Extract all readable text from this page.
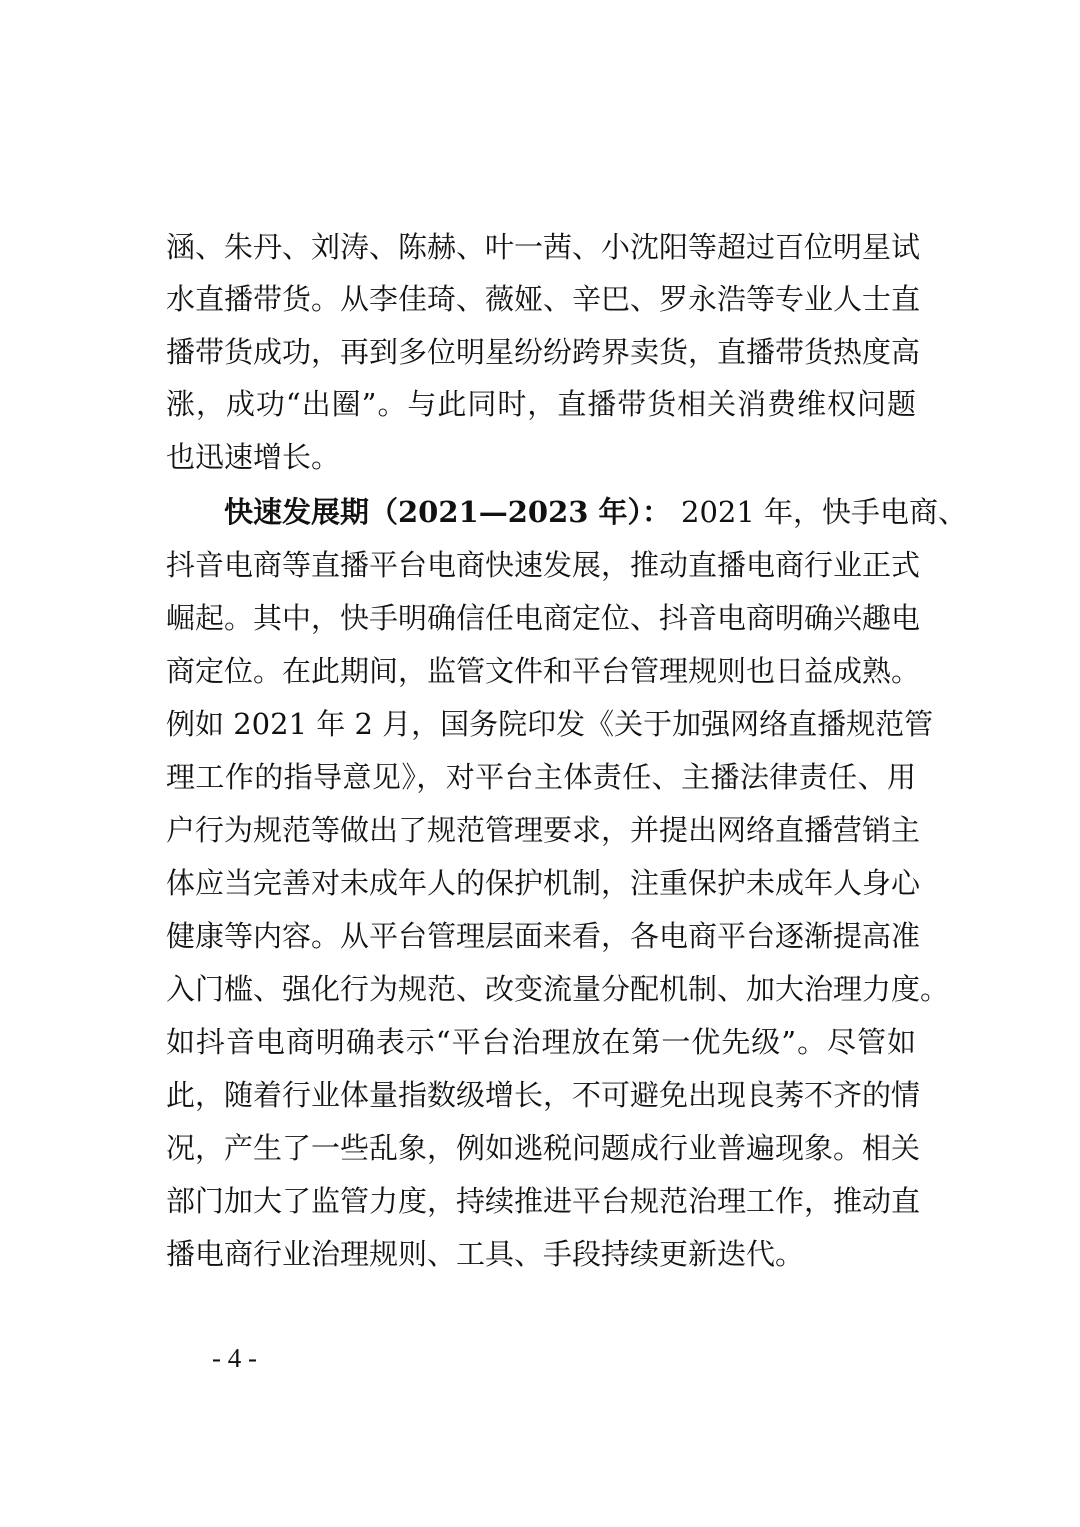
涵、朱丹、刘涛、陈赫、叶一茜、小沈阳等超过百位明星试
水直播带货。从李佳琦、薇娅、辛巴、罗永浩等专业人士直
播带货成功，再到多位明星纷纷跨界卖货，直播带货热度高
涨，成功“出圈”。与此同时，直播带货相关消费维权问题
也迅速增长。
快速发展期（2021—2023 年）： 2021 年，快手电商、
抖音电商等直播平台电商快速发展，推动直播电商行业正式
崛起。其中，快手明确信任电商定位、抖音电商明确兴趣电
商定位。在此期间，监管文件和平台管理规则也日益成熟。
例如 2021 年 2 月，国务院印发《关于加强网络直播规范管
理工作的指导意见》，对平台主体责任、主播法律责任、用
户行为规范等做出了规范管理要求，并提出网络直播营销主
体应当完善对未成年人的保护机制，注重保护未成年人身心
健康等内容。从平台管理层面来看，各电商平台逐渐提高准
入门槛、强化行为规范、改变流量分配机制、加大治理力度。
如抖音电商明确表示“平台治理放在第一优先级”。尽管如
此，随着行业体量指数级增长，不可避免出现良莠不齐的情
况，产生了一些乱象，例如逃税问题成行业普遍现象。相关
部门加大了监管力度，持续推进平台规范治理工作，推动直
播电商行业治理规则、工具、手段持续更新迭代。
- 4 -
